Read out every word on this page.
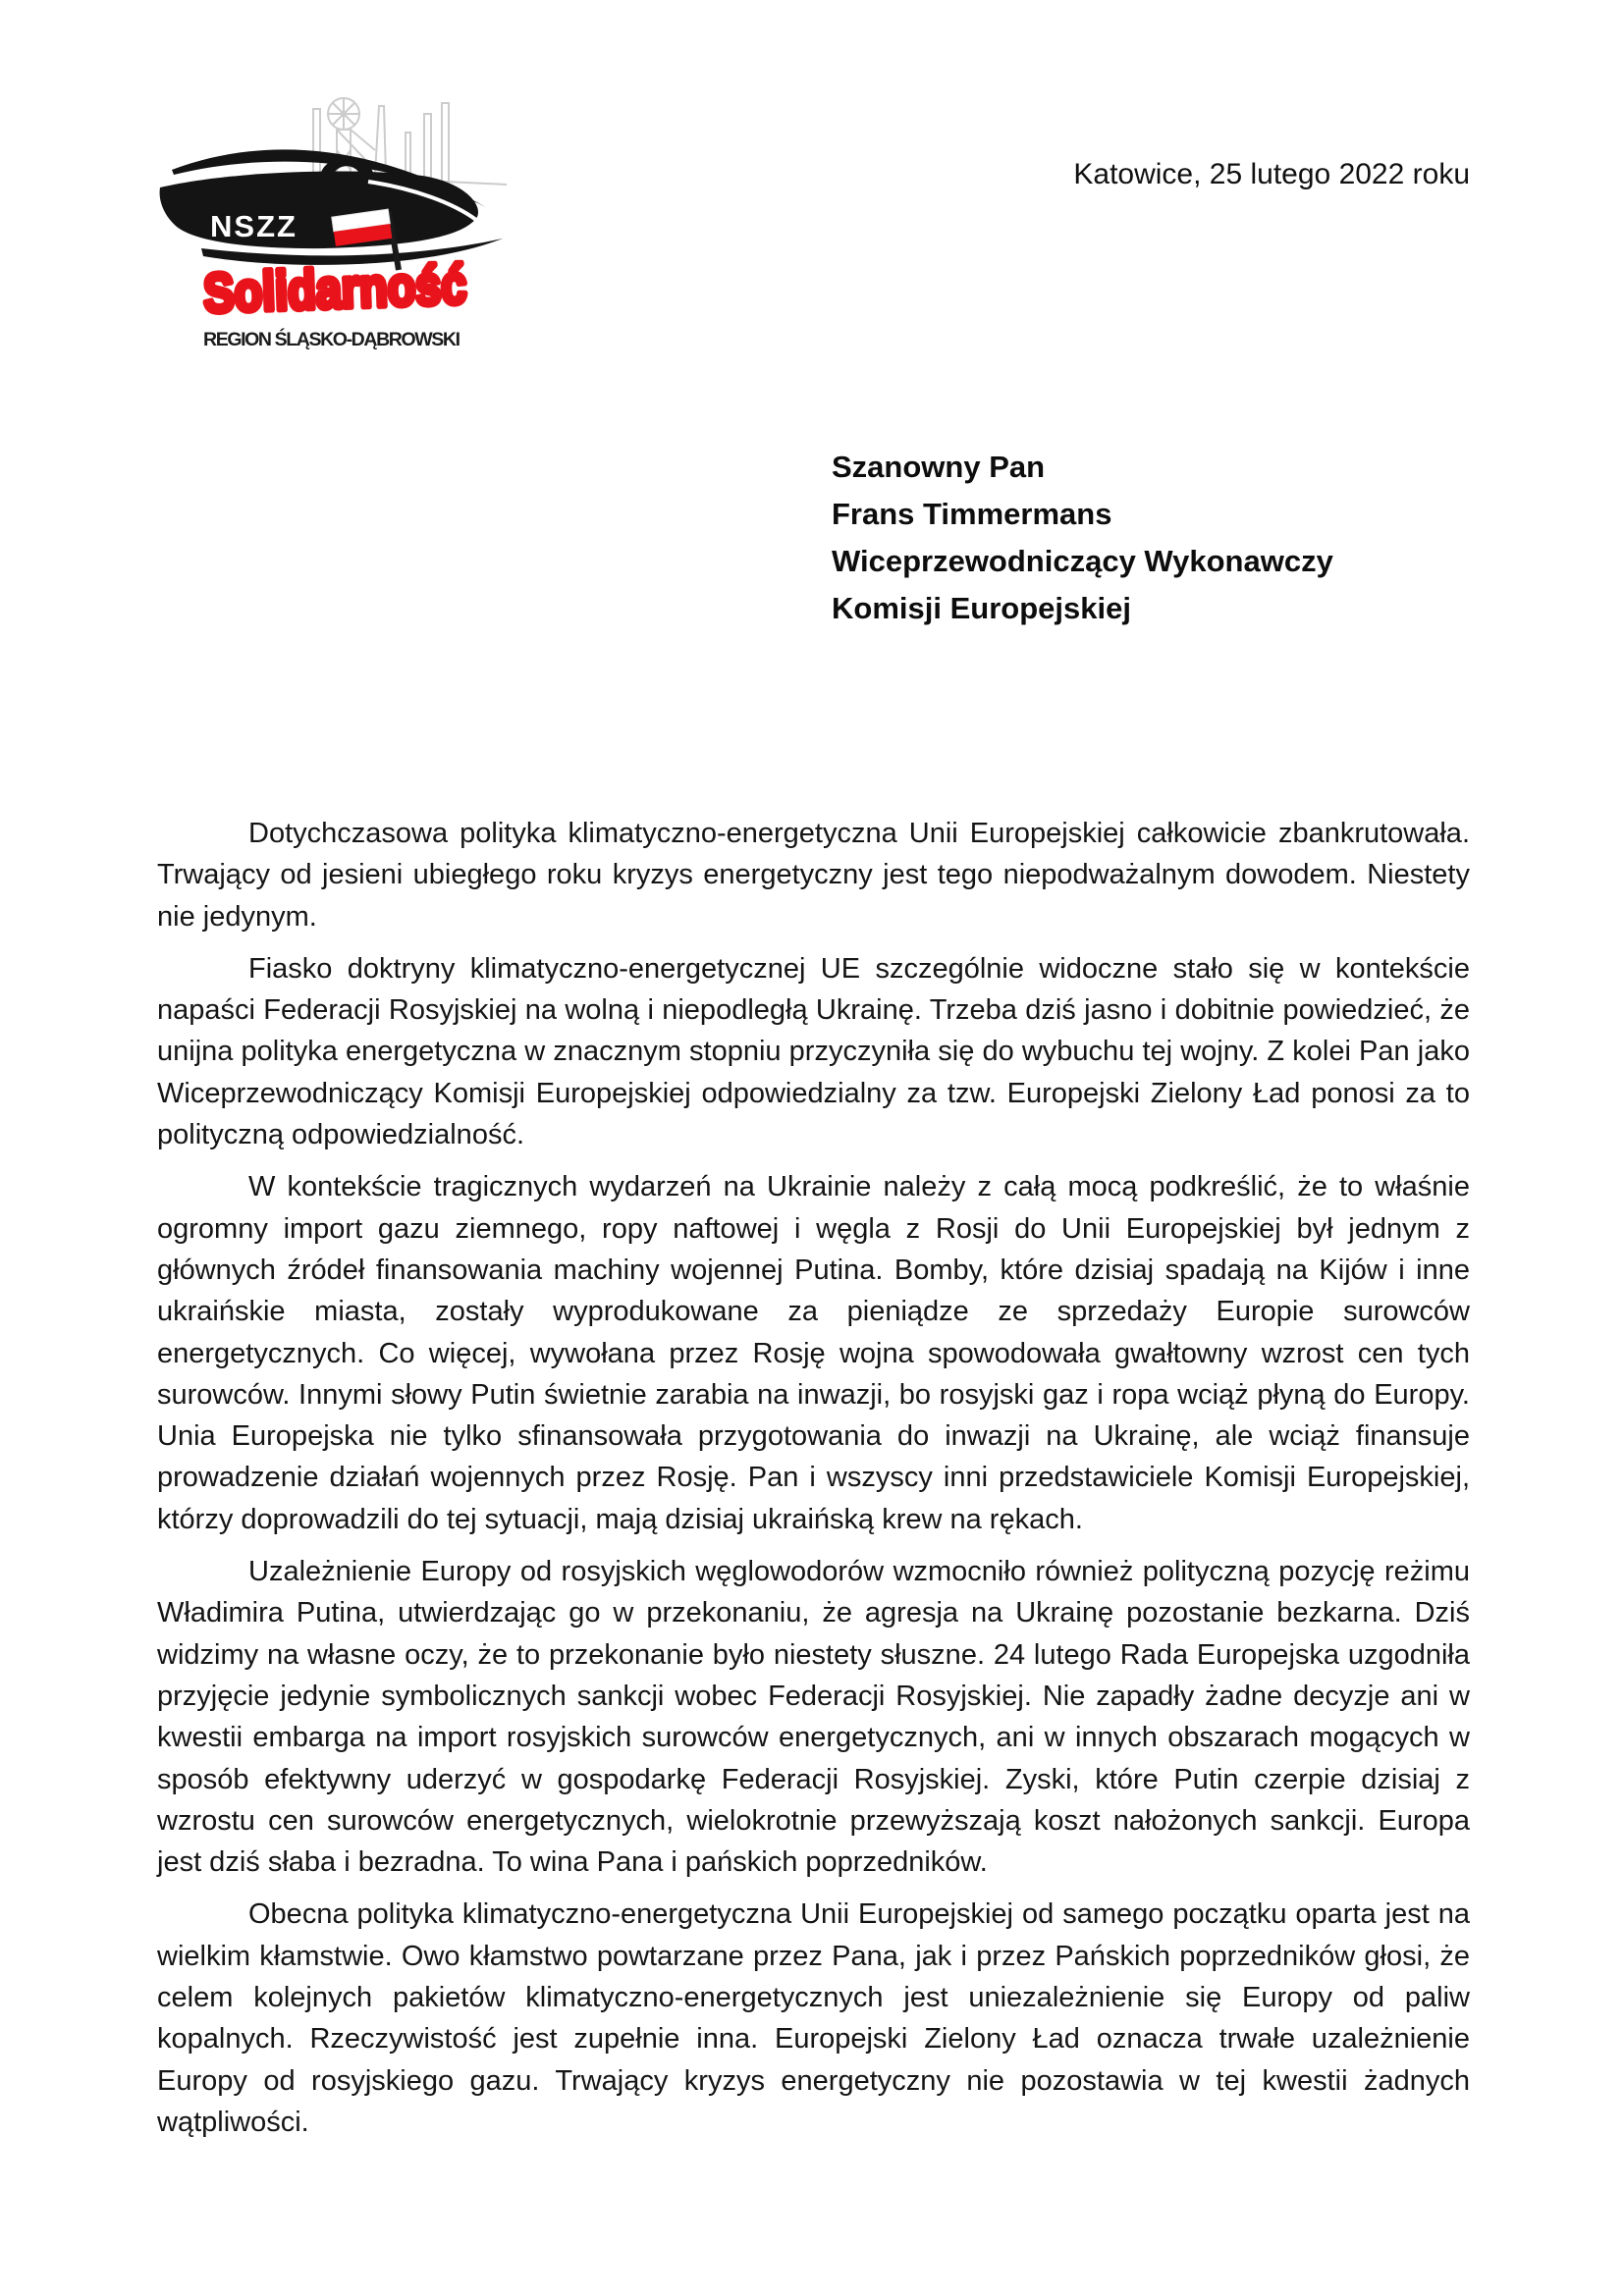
NSZZ
Solidarność
REGION ŚLĄSKO-DĄBROWSKI
Katowice, 25 lutego 2022 roku
Szanowny Pan
Frans Timmermans
Wiceprzewodniczący Wykonawczy
Komisji Europejskiej

Dotychczasowa polityka klimatyczno-energetyczna Unii Europejskiej całkowicie zbankrutowała. Trwający od jesieni ubiegłego roku kryzys energetyczny jest tego niepodważalnym dowodem. Niestety nie jedynym.

Fiasko doktryny klimatyczno-energetycznej UE szczególnie widoczne stało się w kontekście napaści Federacji Rosyjskiej na wolną i niepodległą Ukrainę. Trzeba dziś jasno i dobitnie powiedzieć, że unijna polityka energetyczna w znacznym stopniu przyczyniła się do wybuchu tej wojny. Z kolei Pan jako Wiceprzewodniczący Komisji Europejskiej odpowiedzialny za tzw. Europejski Zielony Ład ponosi za to polityczną odpowiedzialność.

W kontekście tragicznych wydarzeń na Ukrainie należy z całą mocą podkreślić, że to właśnie ogromny import gazu ziemnego, ropy naftowej i węgla z Rosji do Unii Europejskiej był jednym z głównych źródeł finansowania machiny wojennej Putina. Bomby, które dzisiaj spadają na Kijów i inne ukraińskie miasta, zostały wyprodukowane za pieniądze ze sprzedaży Europie surowców energetycznych. Co więcej, wywołana przez Rosję wojna spowodowała gwałtowny wzrost cen tych surowców. Innymi słowy Putin świetnie zarabia na inwazji, bo rosyjski gaz i ropa wciąż płyną do Europy. Unia Europejska nie tylko sfinansowała przygotowania do inwazji na Ukrainę, ale wciąż finansuje prowadzenie działań wojennych przez Rosję. Pan i wszyscy inni przedstawiciele Komisji Europejskiej, którzy doprowadzili do tej sytuacji, mają dzisiaj ukraińską krew na rękach.

Uzależnienie Europy od rosyjskich węglowodorów wzmocniło również polityczną pozycję reżimu Władimira Putina, utwierdzając go w przekonaniu, że agresja na Ukrainę pozostanie bezkarna. Dziś widzimy na własne oczy, że to przekonanie było niestety słuszne. 24 lutego Rada Europejska uzgodniła przyjęcie jedynie symbolicznych sankcji wobec Federacji Rosyjskiej. Nie zapadły żadne decyzje ani w kwestii embarga na import rosyjskich surowców energetycznych, ani w innych obszarach mogących w sposób efektywny uderzyć w gospodarkę Federacji Rosyjskiej. Zyski, które Putin czerpie dzisiaj z wzrostu cen surowców energetycznych, wielokrotnie przewyższają koszt nałożonych sankcji. Europa jest dziś słaba i bezradna. To wina Pana i pańskich poprzedników.

Obecna polityka klimatyczno-energetyczna Unii Europejskiej od samego początku oparta jest na wielkim kłamstwie. Owo kłamstwo powtarzane przez Pana, jak i przez Pańskich poprzedników głosi, że celem kolejnych pakietów klimatyczno-energetycznych jest uniezależnienie się Europy od paliw kopalnych. Rzeczywistość jest zupełnie inna. Europejski Zielony Ład oznacza trwałe uzależnienie Europy od rosyjskiego gazu. Trwający kryzys energetyczny nie pozostawia w tej kwestii żadnych wątpliwości.
